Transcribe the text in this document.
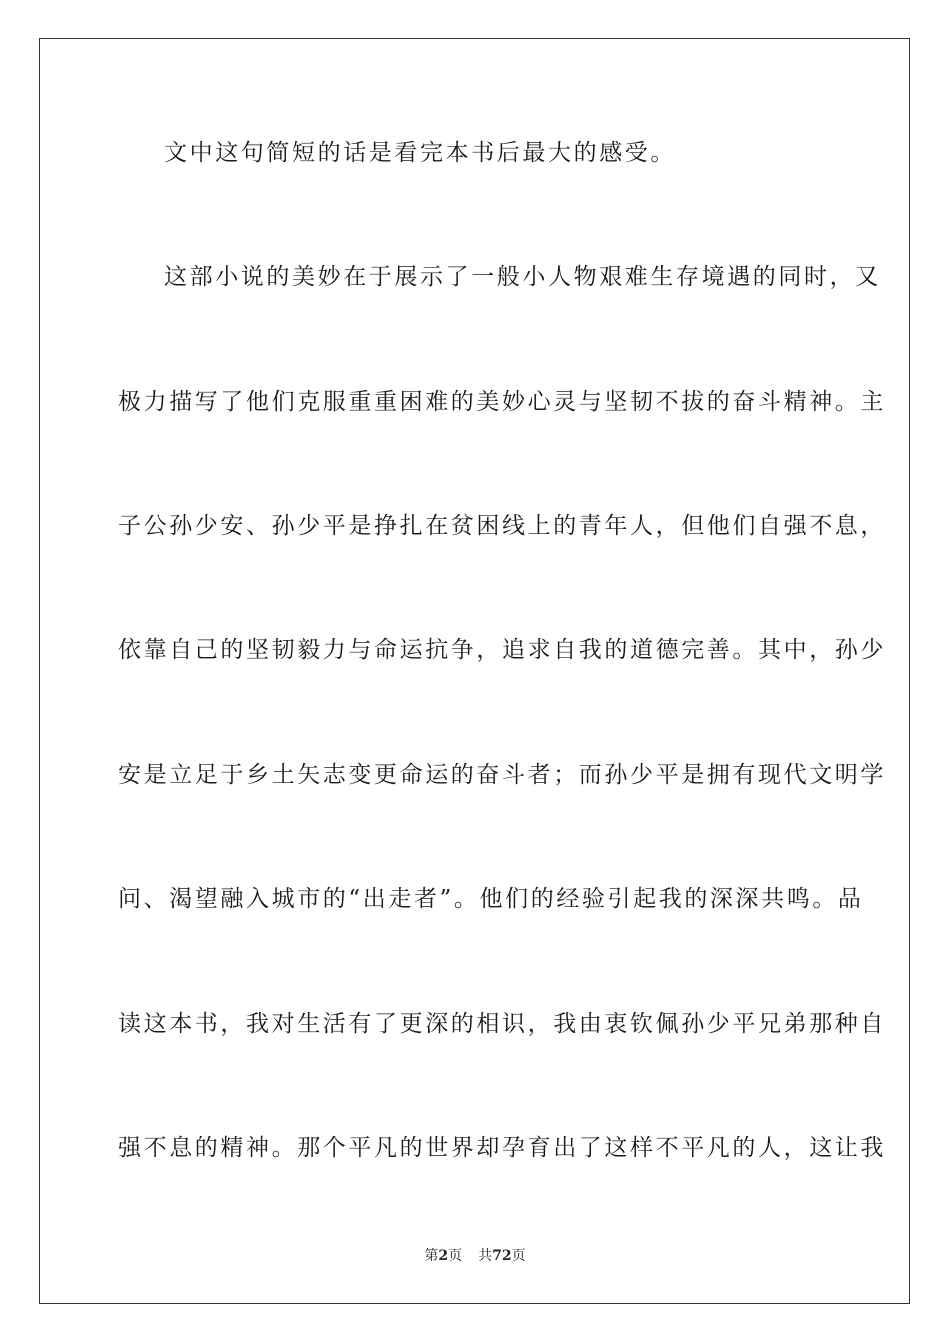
文中这句简短的话是看完本书后最大的感受。
这部小说的美妙在于展示了一般小人物艰难生存境遇的同时，又
极力描写了他们克服重重困难的美妙心灵与坚韧不拔的奋斗精神。主
子公孙少安、孙少平是挣扎在贫困线上的青年人，但他们自强不息，
依靠自己的坚韧毅力与命运抗争，追求自我的道德完善。其中，孙少
安是立足于乡土矢志变更命运的奋斗者；而孙少平是拥有现代文明学
问、渴望融入城市的“出走者”。他们的经验引起我的深深共鸣。品
读这本书，我对生活有了更深的相识，我由衷钦佩孙少平兄弟那种自
强不息的精神。那个平凡的世界却孕育出了这样不平凡的人，这让我
第2页 共72页
